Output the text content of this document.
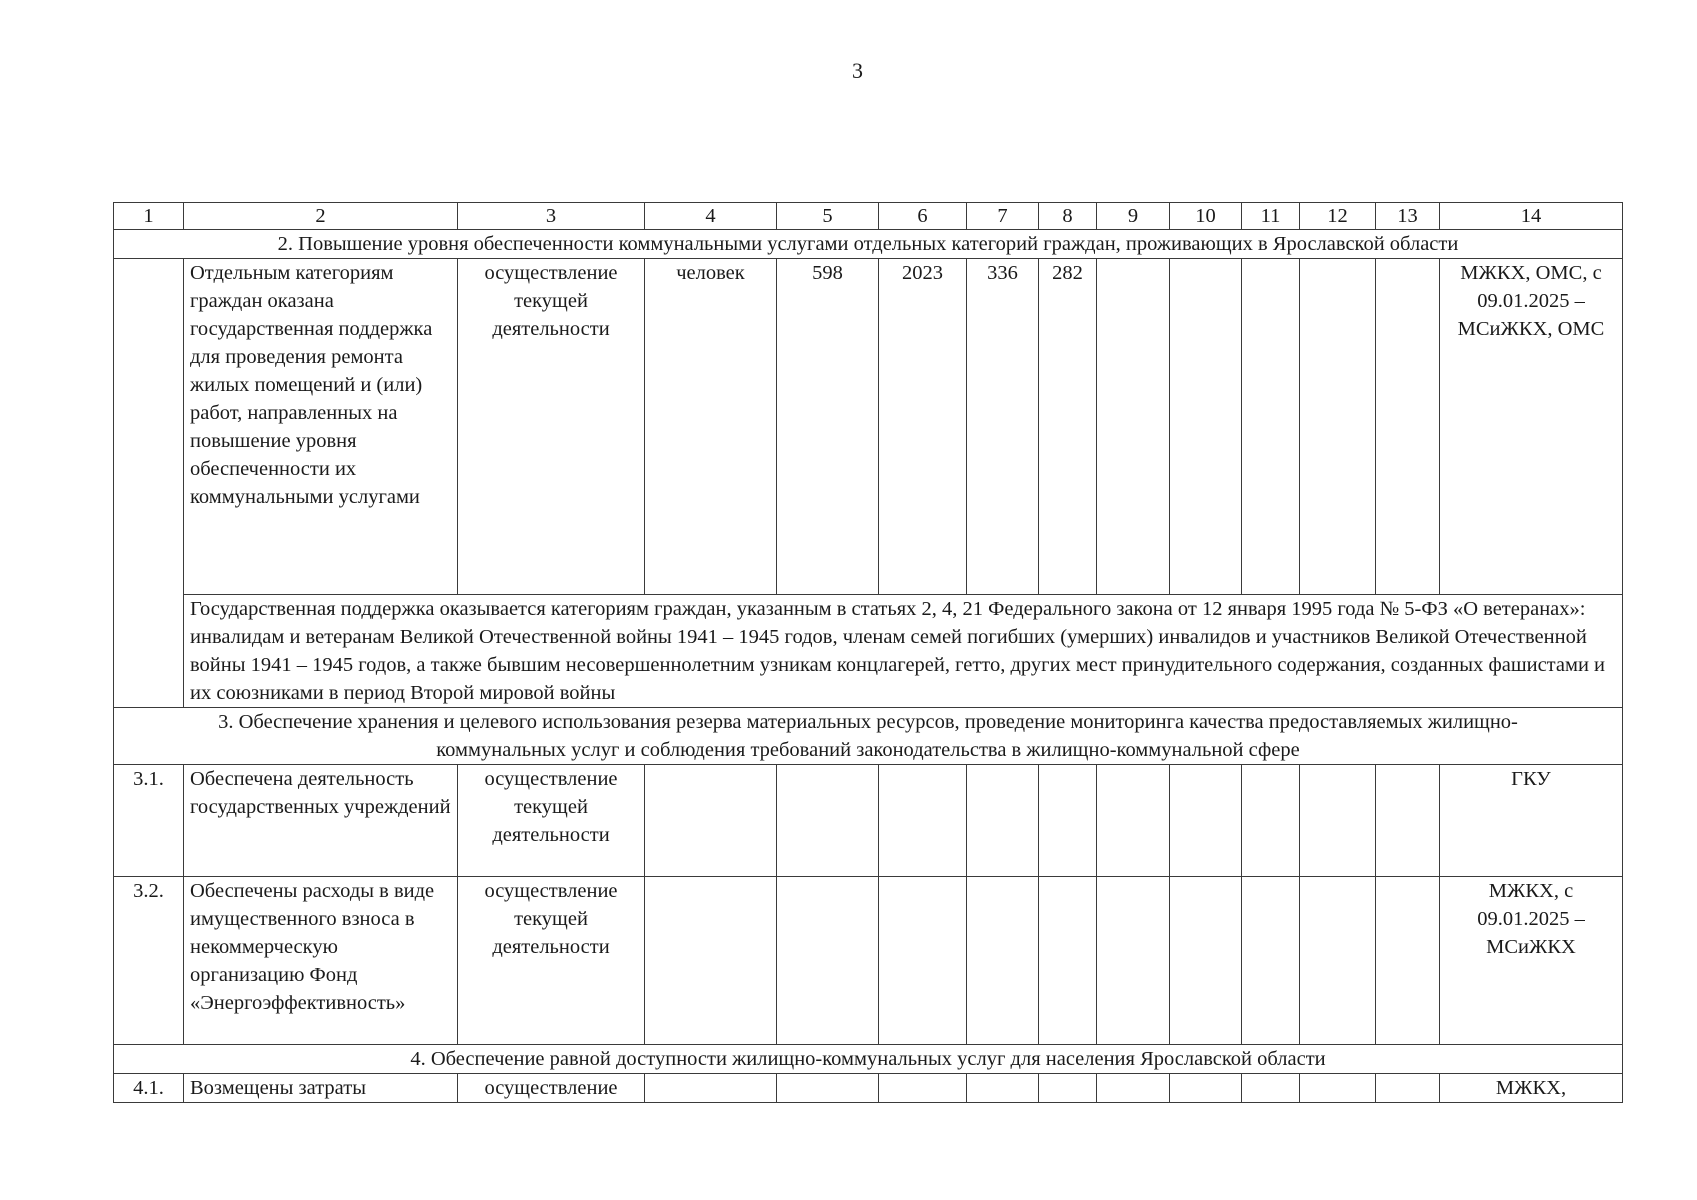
3
1	2	3	4	5	6	7	8	9	10	11	12	13	14
2. Повышение уровня обеспеченности коммунальными услугами отдельных категорий граждан, проживающих в Ярославской области													
	Отдельным категориям граждан оказана государственная поддержка для проведения ремонта жилых помещений и (или) работ, направленных на повышение уровня обеспеченности их коммунальными услугами	осуществление текущей деятельности	человек	598	2023	336	282						МЖКХ, ОМС, с 09.01.2025 – МСиЖКХ, ОМС
	Государственная поддержка оказывается категориям граждан, указанным в статьях 2, 4, 21 Федерального закона от 12 января 1995 года № 5-ФЗ «О ветеранах»: инвалидам и ветеранам Великой Отечественной войны 1941 – 1945 годов, членам семей погибших (умерших) инвалидов и участников Великой Отечественной войны 1941 – 1945 годов, а также бывшим несовершеннолетним узникам концлагерей, гетто, других мест принудительного содержания, созданных фашистами и их союзниками в период Второй мировой войны												
3. Обеспечение хранения и целевого использования резерва материальных ресурсов, проведение мониторинга качества предоставляемых жилищно-коммунальных услуг и соблюдения требований законодательства в жилищно-коммунальной сфере													
3.1.	Обеспечена деятельность государственных учреждений	осуществление текущей деятельности											ГКУ
3.2.	Обеспечены расходы в виде имущественного взноса в некоммерческую организацию Фонд «Энергоэффективность»	осуществление текущей деятельности											МЖКХ, с 09.01.2025 – МСиЖКХ
4. Обеспечение равной доступности жилищно-коммунальных услуг для населения Ярославской области													
4.1.	Возмещены затраты	осуществление											МЖКХ,
